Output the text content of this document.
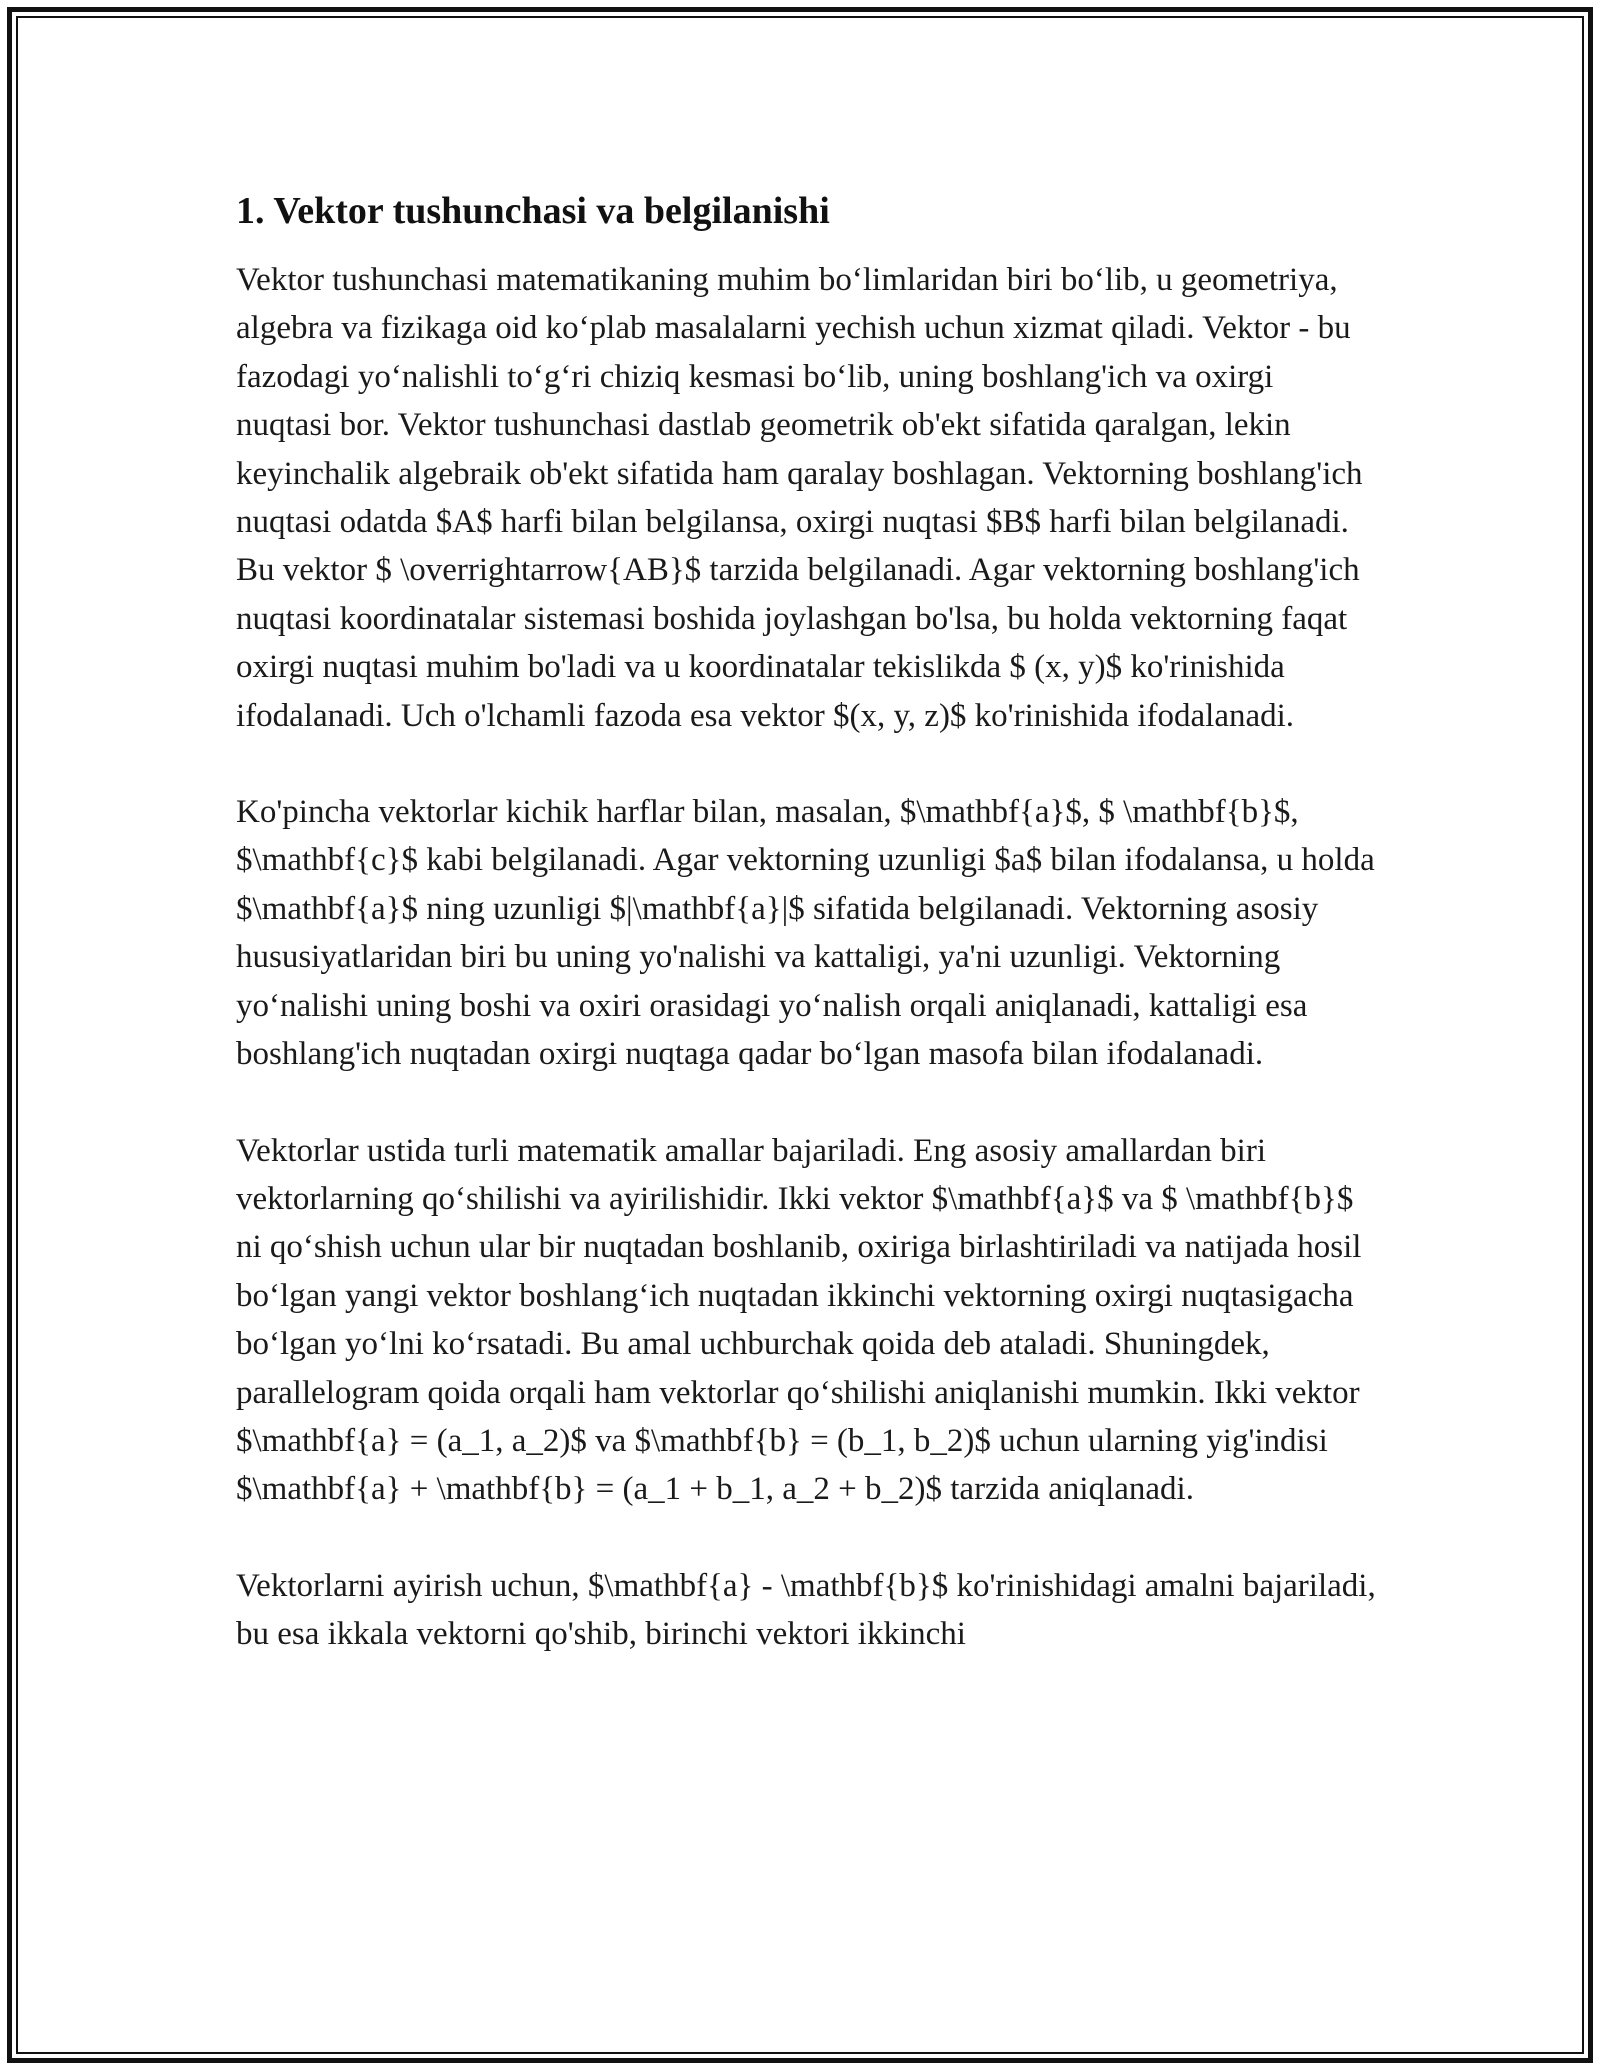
1. Vektor tushunchasi va belgilanishi

Vektor tushunchasi matematikaning muhim bo‘limlaridan biri bo‘lib, u geometriya, algebra va fizikaga oid ko‘plab masalalarni yechish uchun xizmat qiladi. Vektor - bu fazodagi yo‘nalishli to‘g‘ri chiziq kesmasi bo‘lib, uning boshlang'ich va oxirgi nuqtasi bor. Vektor tushunchasi dastlab geometrik ob'ekt sifatida qaralgan, lekin keyinchalik algebraik ob'ekt sifatida ham qaralay boshlagan. Vektorning boshlang'ich nuqtasi odatda $A$ harfi bilan belgilansa, oxirgi nuqtasi $B$ harfi bilan belgilanadi. Bu vektor $ \overrightarrow{AB}$ tarzida belgilanadi. Agar vektorning boshlang'ich nuqtasi koordinatalar sistemasi boshida joylashgan bo'lsa, bu holda vektorning faqat oxirgi nuqtasi muhim bo'ladi va u koordinatalar tekislikda $ (x, y)$ ko'rinishida ifodalanadi. Uch o'lchamli fazoda esa vektor $(x, y, z)$ ko'rinishida ifodalanadi.

Ko'pincha vektorlar kichik harflar bilan, masalan, $\mathbf{a}$, $ \mathbf{b}$, $\mathbf{c}$ kabi belgilanadi. Agar vektorning uzunligi $a$ bilan ifodalansa, u holda $\mathbf{a}$ ning uzunligi $|\mathbf{a}|$ sifatida belgilanadi. Vektorning asosiy hususiyatlaridan biri bu uning yo'nalishi va kattaligi, ya'ni uzunligi. Vektorning yo‘nalishi uning boshi va oxiri orasidagi yo‘nalish orqali aniqlanadi, kattaligi esa boshlang'ich nuqtadan oxirgi nuqtaga qadar bo‘lgan masofa bilan ifodalanadi.

Vektorlar ustida turli matematik amallar bajariladi. Eng asosiy amallardan biri vektorlarning qo‘shilishi va ayirilishidir. Ikki vektor $\mathbf{a}$ va $ \mathbf{b}$ ni qo‘shish uchun ular bir nuqtadan boshlanib, oxiriga birlashtiriladi va natijada hosil bo‘lgan yangi vektor boshlang‘ich nuqtadan ikkinchi vektorning oxirgi nuqtasigacha bo‘lgan yo‘lni ko‘rsatadi. Bu amal uchburchak qoida deb ataladi. Shuningdek, parallelogram qoida orqali ham vektorlar qo‘shilishi aniqlanishi mumkin. Ikki vektor $\mathbf{a} = (a_1, a_2)$ va $\mathbf{b} = (b_1, b_2)$ uchun ularning yig'indisi $\mathbf{a} + \mathbf{b} = (a_1 + b_1, a_2 + b_2)$ tarzida aniqlanadi.

Vektorlarni ayirish uchun, $\mathbf{a} - \mathbf{b}$ ko'rinishidagi amalni bajariladi, bu esa ikkala vektorni qo'shib, birinchi vektori ikkinchi
